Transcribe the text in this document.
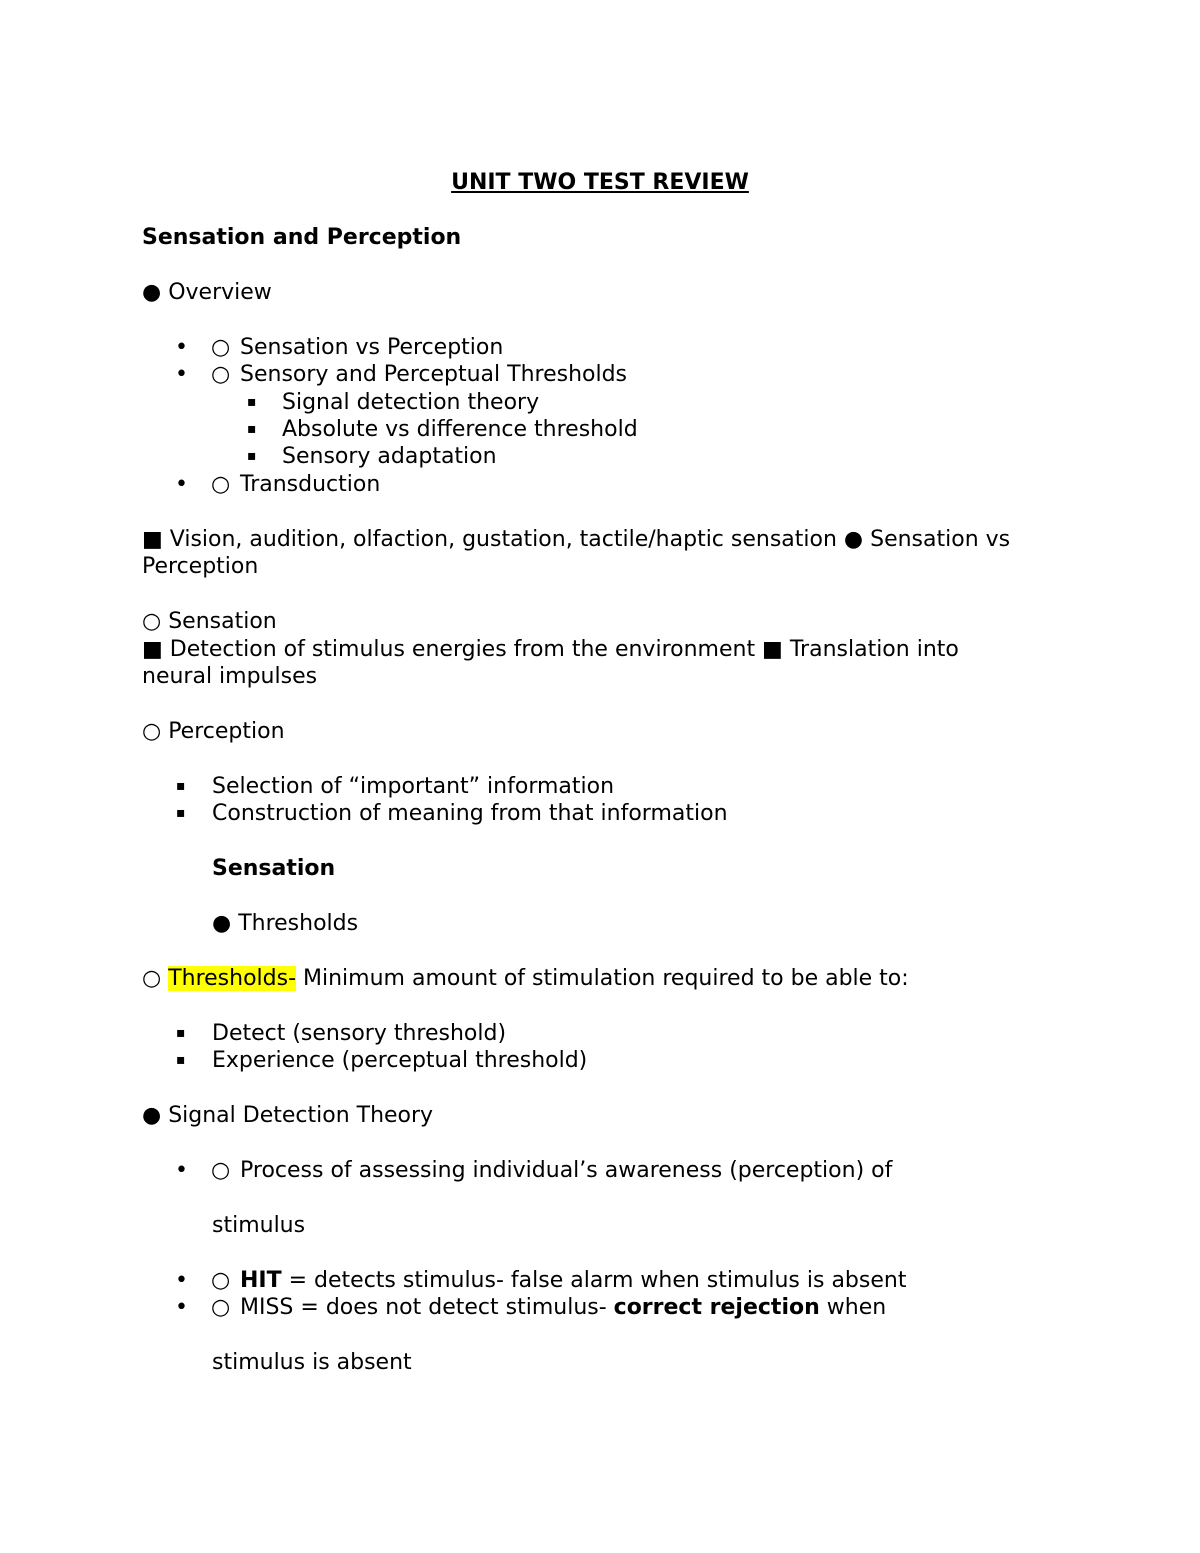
UNIT TWO TEST REVIEW
Sensation and Perception
● Overview
• ○ Sensation vs Perception
• ○ Sensory and Perceptual Thresholds
▪ Signal detection theory
▪ Absolute vs difference threshold
▪ Sensory adaptation
• ○ Transduction
■ Vision, audition, olfaction, gustation, tactile/haptic sensation ● Sensation vs
Perception
○ Sensation
■ Detection of stimulus energies from the environment ■ Translation into
neural impulses
○ Perception
▪ Selection of “important” information
▪ Construction of meaning from that information
Sensation
● Thresholds
○ Thresholds- Minimum amount of stimulation required to be able to:
▪ Detect (sensory threshold)
▪ Experience (perceptual threshold)
● Signal Detection Theory
• ○ Process of assessing individual’s awareness (perception) of
stimulus
• ○ HIT = detects stimulus- false alarm when stimulus is absent
• ○ MISS = does not detect stimulus- correct rejection when
stimulus is absent
